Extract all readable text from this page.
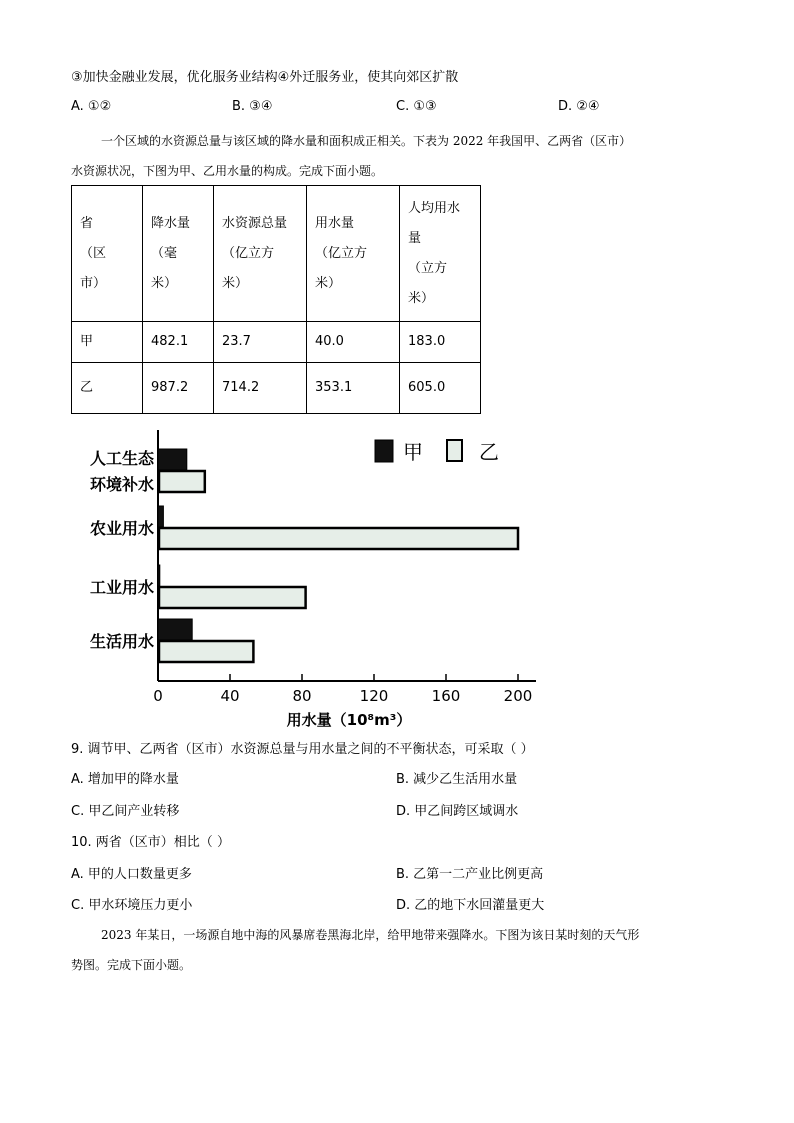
③加快金融业发展，优化服务业结构④外迁服务业，使其向郊区扩散
A. ①②	B. ③④	C. ①③	D. ②④
一个区域的水资源总量与该区域的降水量和面积成正相关。下表为 2022 年我国甲、乙两省（区市）
水资源状况，下图为甲、乙用水量的构成。完成下面小题。
省
（区
市）	降水量
（毫
米）	水资源总量
（亿立方
米）	用水量
（亿立方
米）	人均用水
量
（立方
米）

甲	482.1	23.7	40.0	183.0
乙	987.2	714.2	353.1	605.0
0	40	80	120	160	200
人工生态
环境补水
农业用水
工业用水
生活用水
甲	乙
用水量（10⁸m³）
9. 调节甲、乙两省（区市）水资源总量与用水量之间的不平衡状态，可采取（ ）
A. 增加甲的降水量	B. 减少乙生活用水量
C. 甲乙间产业转移	D. 甲乙间跨区域调水
10. 两省（区市）相比（ ）
A. 甲的人口数量更多	B. 乙第一二产业比例更高
C. 甲水环境压力更小	D. 乙的地下水回灌量更大
2023 年某日，一场源自地中海的风暴席卷黑海北岸，给甲地带来强降水。下图为该日某时刻的天气形
势图。完成下面小题。
